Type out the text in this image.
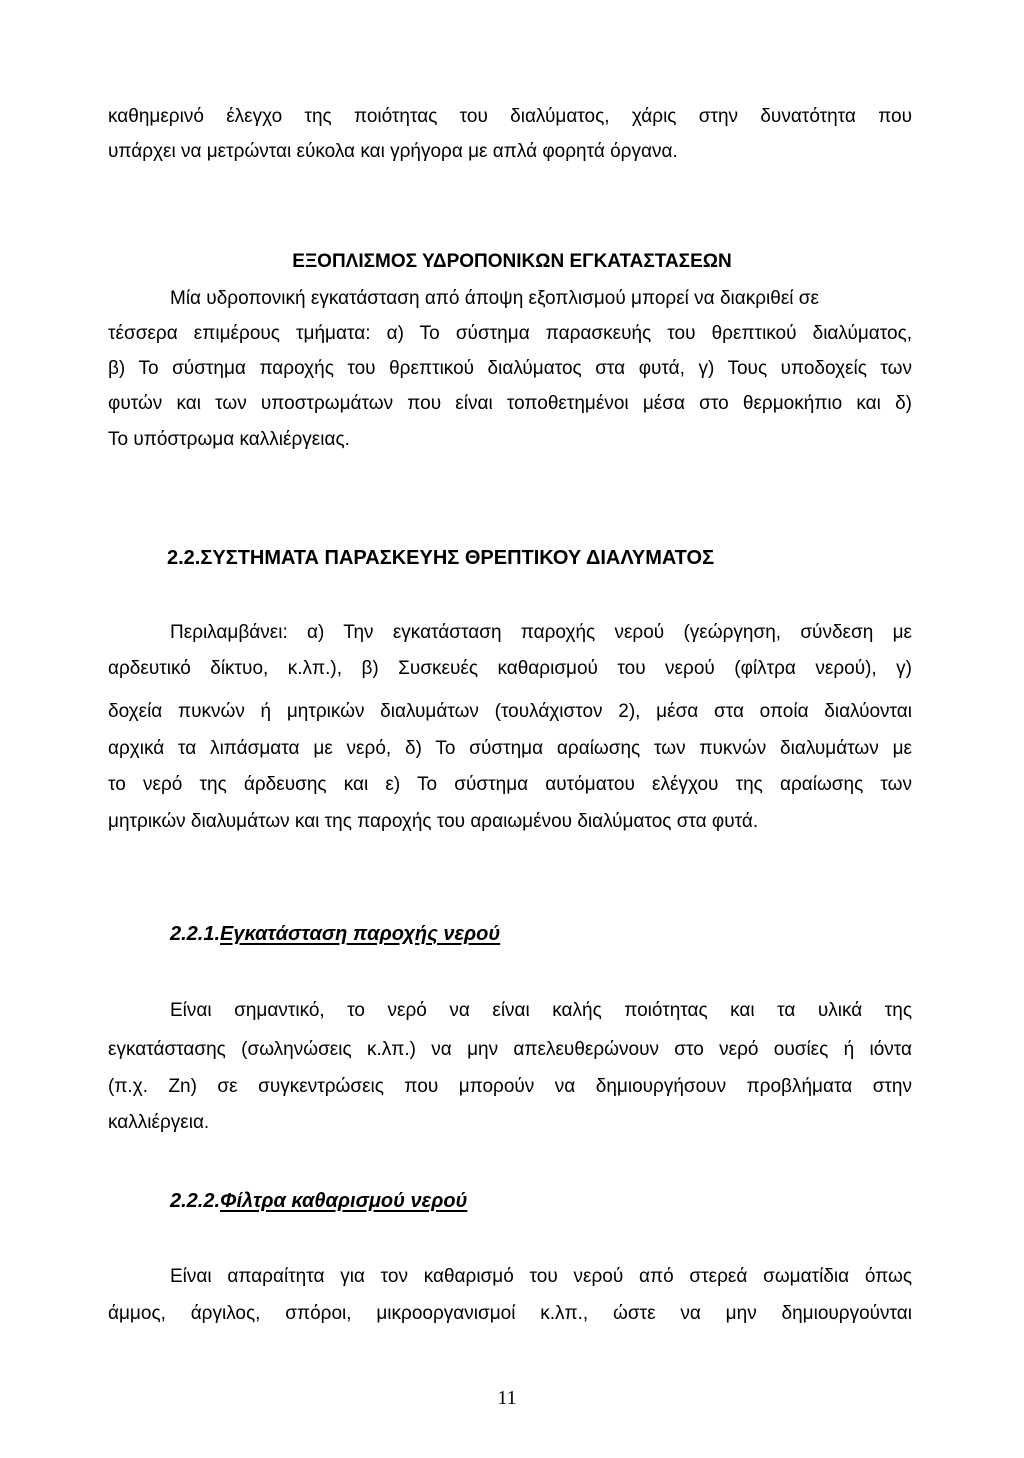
καθημερινό έλεγχο της ποιότητας του διαλύματος, χάρις στην δυνατότητα που
υπάρχει να μετρώνται εύκολα και γρήγορα με απλά φορητά όργανα.
ΕΞΟΠΛΙΣΜΟΣ ΥΔΡΟΠΟΝΙΚΩΝ ΕΓΚΑΤΑΣΤΑΣΕΩΝ
Μία υδροπονική εγκατάσταση από άποψη εξοπλισμού μπορεί να διακριθεί σε
τέσσερα επιμέρους τμήματα: α) Το σύστημα παρασκευής του θρεπτικού διαλύματος,
β) Το σύστημα παροχής του θρεπτικού διαλύματος στα φυτά, γ) Τους υποδοχείς των
φυτών και των υποστρωμάτων που είναι τοποθετημένοι μέσα στο θερμοκήπιο και δ)
Το υπόστρωμα καλλιέργειας.
2.2.ΣΥΣΤΗΜΑΤΑ ΠΑΡΑΣΚΕΥΗΣ ΘΡΕΠΤΙΚΟΥ ΔΙΑΛΥΜΑΤΟΣ
Περιλαμβάνει: α) Την εγκατάσταση παροχής νερού (γεώργηση, σύνδεση με
αρδευτικό δίκτυο, κ.λπ.), β) Συσκευές καθαρισμού του νερού (φίλτρα νερού), γ)
δοχεία πυκνών ή μητρικών διαλυμάτων (τουλάχιστον 2), μέσα στα οποία διαλύονται
αρχικά τα λιπάσματα με νερό, δ) Το σύστημα αραίωσης των πυκνών διαλυμάτων με
το νερό της άρδευσης και ε) Το σύστημα αυτόματου ελέγχου της αραίωσης των
μητρικών διαλυμάτων και της παροχής του αραιωμένου διαλύματος στα φυτά.
2.2.1.Εγκατάσταση παροχής νερού
Είναι σημαντικό, το νερό να είναι καλής ποιότητας και τα υλικά της
εγκατάστασης (σωληνώσεις κ.λπ.) να μην απελευθερώνουν στο νερό ουσίες ή ιόντα
(π.χ. Zn) σε συγκεντρώσεις που μπορούν να δημιουργήσουν προβλήματα στην
καλλιέργεια.
2.2.2.Φίλτρα καθαρισμού νερού
Είναι απαραίτητα για τον καθαρισμό του νερού από στερεά σωματίδια όπως
άμμος, άργιλος, σπόροι, μικροοργανισμοί κ.λπ., ώστε να μην δημιουργούνται
11
